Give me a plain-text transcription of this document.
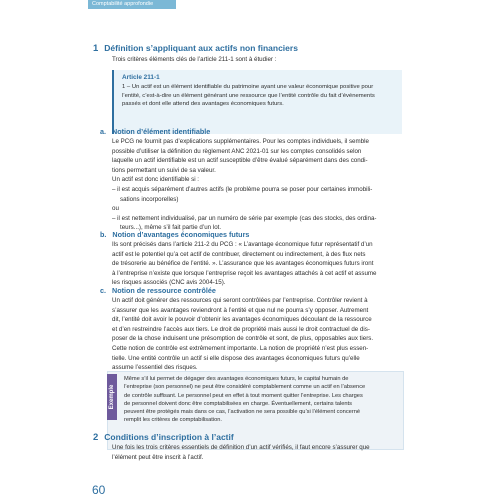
Comptabilité approfondie
1 Définition s’appliquant aux actifs non financiers
Trois critères éléments clés de l’article 211-1 sont à étudier :
Article 211-1
1 – Un actif est un élément identifiable du patrimoine ayant une valeur économique positive pour
l’entité, c’est-à-dire un élément générant une ressource que l’entité contrôle du fait d’événements
passés et dont elle attend des avantages économiques futurs.
a. Notion d’élément identifiable
Le PCG ne fournit pas d’explications supplémentaires. Pour les comptes individuels, il semble
possible d’utiliser la définition du règlement ANC 2021-01 sur les comptes consolidés selon
laquelle un actif identifiable est un actif susceptible d’être évalué séparément dans des condi-
tions permettant un suivi de sa valeur.
Un actif est donc identifiable si :
– il est acquis séparément d’autres actifs (le problème pourra se poser pour certaines immobili-
sations incorporelles)
ou
– il est nettement individualisé, par un numéro de série par exemple (cas des stocks, des ordina-
teurs...), même s’il fait partie d’un lot.
b. Notion d’avantages économiques futurs
Ils sont précisés dans l’article 211-2 du PCG : « L’avantage économique futur représentatif d’un
actif est le potentiel qu’a cet actif de contribuer, directement ou indirectement, à des flux nets
de trésorerie au bénéfice de l’entité. ». L’assurance que les avantages économiques futurs iront
à l’entreprise n’existe que lorsque l’entreprise reçoit les avantages attachés à cet actif et assume
les risques associés (CNC avis 2004-15).
c. Notion de ressource contrôlée
Un actif doit générer des ressources qui seront contrôlées par l’entreprise. Contrôler revient à
s’assurer que les avantages reviendront à l’entité et que nul ne pourra s’y opposer. Autrement
dit, l’entité doit avoir le pouvoir d’obtenir les avantages économiques découlant de la ressource
et d’en restreindre l’accès aux tiers. Le droit de propriété mais aussi le droit contractuel de dis-
poser de la chose induisent une présomption de contrôle et sont, de plus, opposables aux tiers.
Cette notion de contrôle est extrêmement importante. La notion de propriété n’est plus essen-
tielle. Une entité contrôle un actif si elle dispose des avantages économiques futurs qu’elle
assume l’essentiel des risques.
Exemple
Même s’il lui permet de dégager des avantages économiques futurs, le capital humain de
l’entreprise (son personnel) ne peut être considéré comptablement comme un actif en l’absence
de contrôle suffisant. Le personnel peut en effet à tout moment quitter l’entreprise. Les charges
de personnel doivent donc être comptabilisées en charge. Éventuellement, certains talents
peuvent être protégés mais dans ce cas, l’activation ne sera possible qu’si l’élément concerné
remplit les critères de comptabilisation.
2 Conditions d’inscription à l’actif
Une fois les trois critères essentiels de définition d’un actif vérifiés, il faut encore s’assurer que
l’élément peut être inscrit à l’actif.
60
